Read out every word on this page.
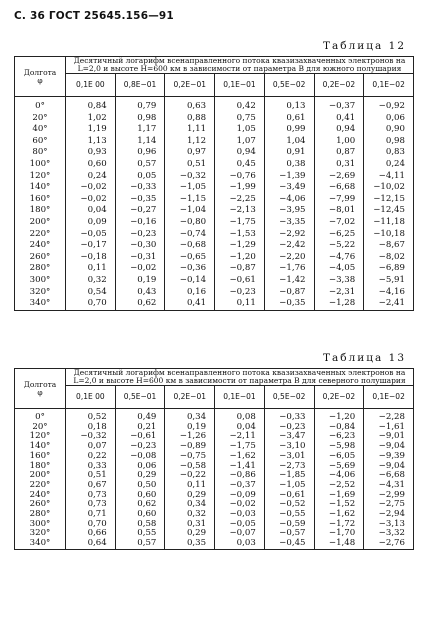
С. 36 ГОСТ 25645.156—91
Таблица 12
Долгота
φ	Десятичный логарифм всенаправленного потока квазизахваченных электронов на L=2,0 и высоте H=600 км в зависимости от параметра B для южного полушария						
	0,1E 00	0,8E−01	0,2E−01	0,1E−01	0,5E−02	0,2E−02	0,1E−02
0°	0,84	0,79	0,63	0,42	0,13	−0,37	−0,92
20°	1,02	0,98	0,88	0,75	0,61	0,41	0,06
40°	1,19	1,17	1,11	1,05	0,99	0,94	0,90
60°	1,13	1,14	1,12	1,07	1,04	1,00	0,98
80°	0,93	0,96	0,97	0,94	0,91	0,87	0,83
100°	0,60	0,57	0,51	0,45	0,38	0,31	0,24
120°	0,24	0,05	−0,32	−0,76	−1,39	−2,69	−4,11
140°	−0,02	−0,33	−1,05	−1,99	−3,49	−6,68	−10,02
160°	−0,02	−0,35	−1,15	−2,25	−4,06	−7,99	−12,15
180°	0,04	−0,27	−1,04	−2,13	−3,95	−8,01	−12,45
200°	0,09	−0,16	−0,80	−1,75	−3,35	−7,02	−11,18
220°	−0,05	−0,23	−0,74	−1,53	−2,92	−6,25	−10,18
240°	−0,17	−0,30	−0,68	−1,29	−2,42	−5,22	−8,67
260°	−0,18	−0,31	−0,65	−1,20	−2,20	−4,76	−8,02
280°	0,11	−0,02	−0,36	−0,87	−1,76	−4,05	−6,89
300°	0,32	0,19	−0,14	−0,61	−1,42	−3,38	−5,91
320°	0,54	0,43	0,16	−0,23	−0,87	−2,31	−4,16
340°	0,70	0,62	0,41	0,11	−0,35	−1,28	−2,41
Таблица 13
Долгота
φ	Десятичный логарифм всенаправленного потока квазизахваченных электронов на L=2,0 и высоте H=600 км в зависимости от параметра B для северного полушария						
	0,1E 00	0,5E−01	0,2E−01	0,1E−01	0,5E−02	0,2E−02	0,1E−02
0°	0,52	0,49	0,34	0,08	−0,33	−1,20	−2,28
20°	0,18	0,21	0,19	0,04	−0,23	−0,84	−1,61
120°	−0,32	−0,61	−1,26	−2,11	−3,47	−6,23	−9,01
140°	0,07	−0,23	−0,89	−1,75	−3,10	−5,98	−9,04
160°	0,22	−0,08	−0,75	−1,62	−3,01	−6,05	−9,39
180°	0,33	0,06	−0,58	−1,41	−2,73	−5,69	−9,04
200°	0,51	0,29	−0,22	−0,86	−1,85	−4,06	−6,68
220°	0,67	0,50	0,11	−0,37	−1,05	−2,52	−4,31
240°	0,73	0,60	0,29	−0,09	−0,61	−1,69	−2,99
260°	0,73	0,62	0,34	−0,02	−0,52	−1,52	−2,75
280°	0,71	0,60	0,32	−0,03	−0,55	−1,62	−2,94
300°	0,70	0,58	0,31	−0,05	−0,59	−1,72	−3,13
320°	0,66	0,55	0,29	−0,07	−0,57	−1,70	−3,32
340°	0,64	0,57	0,35	0,03	−0,45	−1,48	−2,76
